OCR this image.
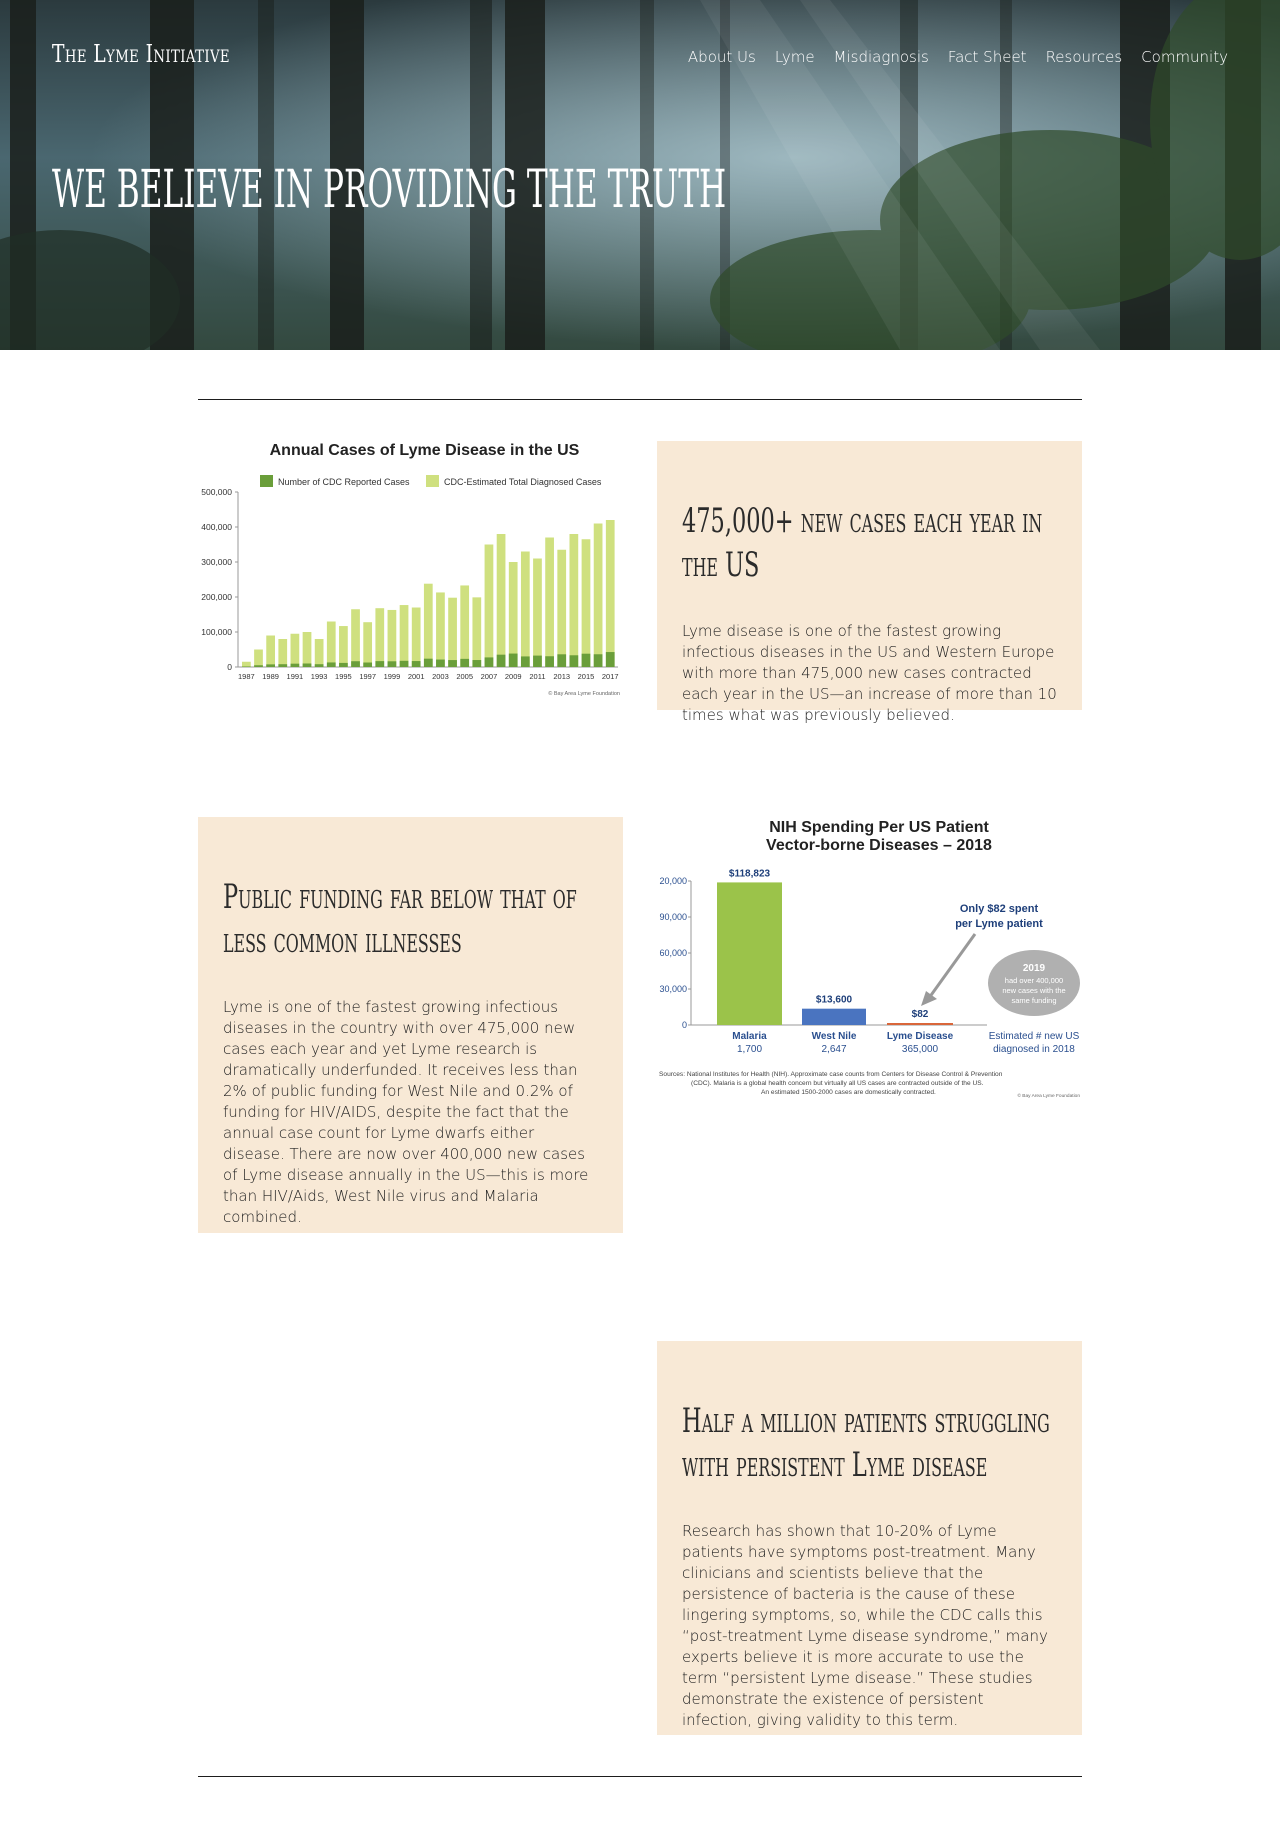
The Lyme Initiative	About Us Lyme Misdiagnosis Fact Sheet Resources Community
WE BELIEVE IN PROVIDING THE TRUTH
Annual Cases of Lyme Disease in the US
Number of CDC Reported Cases	CDC-Estimated Total Diagnosed Cases
500,000
400,000
300,000
200,000
100,000
0
1987 1989 1991 1993 1995 1997 1999 2001 2003 2005 2007 2009 2011 2013 2015 2017
© Bay Area Lyme Foundation
475,000+ new cases each year in the US

Lyme disease is one of the fastest growing infectious diseases in the US and Western Europe with more than 475,000 new cases contracted each year in the US—an increase of more than 10 times what was previously believed.

Public funding far below that of less common illnesses

Lyme is one of the fastest growing infectious diseases in the country with over 475,000 new cases each year and yet Lyme research is dramatically underfunded. It receives less than 2% of public funding for West Nile and 0.2% of funding for HIV/AIDS, despite the fact that the annual case count for Lyme dwarfs either disease. There are now over 400,000 new cases of Lyme disease annually in the US—this is more than HIV/Aids, West Nile virus and Malaria combined.

NIH Spending Per US Patient
Vector-borne Diseases – 2018
20,000
90,000
60,000
30,000
0
$118,823
Malaria
1,700
$13,600
West Nile
2,647
$82
Lyme Disease
365,000
Only $82 spent
per Lyme patient
2019
had over 400,000
new cases with the
same funding
Estimated # new US
diagnosed in 2018
Sources: National Institutes for Health (NIH). Approximate case counts from Centers for Disease Control & Prevention
(CDC). Malaria is a global health concern but virtually all US cases are contracted outside of the US.
An estimated 1500-2000 cases are domestically contracted.
© Bay Area Lyme Foundation
Half a million patients struggling with persistent Lyme disease

Research has shown that 10-20% of Lyme patients have symptoms post-treatment. Many clinicians and scientists believe that the persistence of bacteria is the cause of these lingering symptoms, so, while the CDC calls this “post-treatment Lyme disease syndrome,” many experts believe it is more accurate to use the term “persistent Lyme disease.” These studies demonstrate the existence of persistent infection, giving validity to this term.
